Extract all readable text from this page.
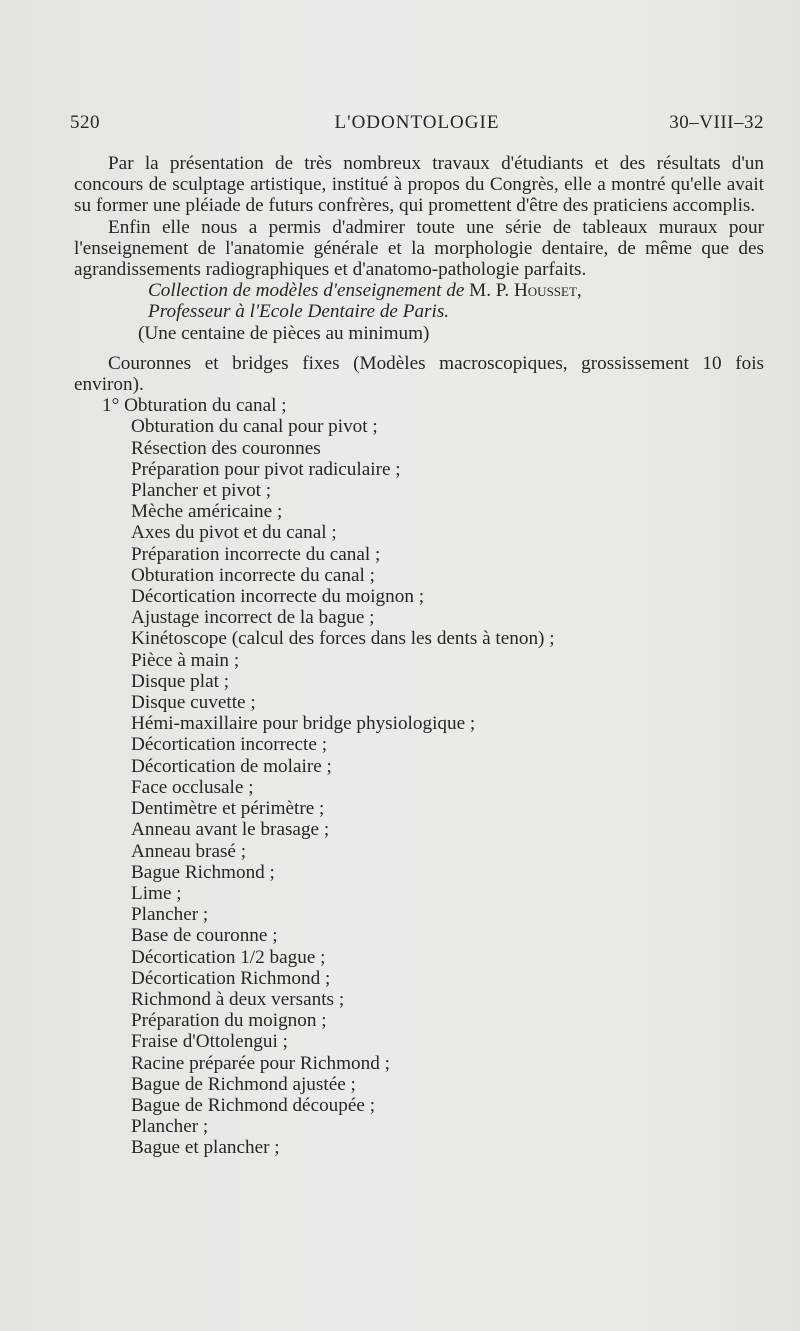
520	L'ODONTOLOGIE	30–VIII–32

Par la présentation de très nombreux travaux d'étudiants et des résultats d'un concours de sculptage artistique, institué à propos du Congrès, elle a montré qu'elle avait su former une pléiade de futurs confrères, qui promettent d'être des praticiens accomplis.

Enfin elle nous a permis d'admirer toute une série de tableaux muraux pour l'enseignement de l'anatomie générale et la morphologie dentaire, de même que des agrandissements radiographiques et d'anatomo-pathologie parfaits.

Collection de modèles d'enseignement de M. P. Housset,

Professeur à l'Ecole Dentaire de Paris.

(Une centaine de pièces au minimum)

Couronnes et bridges fixes (Modèles macroscopiques, grossissement 10 fois environ).

1° Obturation du canal ;
Obturation du canal pour pivot ;
Résection des couronnes
Préparation pour pivot radiculaire ;
Plancher et pivot ;
Mèche américaine ;
Axes du pivot et du canal ;
Préparation incorrecte du canal ;
Obturation incorrecte du canal ;
Décortication incorrecte du moignon ;
Ajustage incorrect de la bague ;
Kinétoscope (calcul des forces dans les dents à tenon) ;
Pièce à main ;
Disque plat ;
Disque cuvette ;
Hémi-maxillaire pour bridge physiologique ;
Décortication incorrecte ;
Décortication de molaire ;
Face occlusale ;
Dentimètre et périmètre ;
Anneau avant le brasage ;
Anneau brasé ;
Bague Richmond ;
Lime ;
Plancher ;
Base de couronne ;
Décortication 1/2 bague ;
Décortication Richmond ;
Richmond à deux versants ;
Préparation du moignon ;
Fraise d'Ottolengui ;
Racine préparée pour Richmond ;
Bague de Richmond ajustée ;
Bague de Richmond découpée ;
Plancher ;
Bague et plancher ;
